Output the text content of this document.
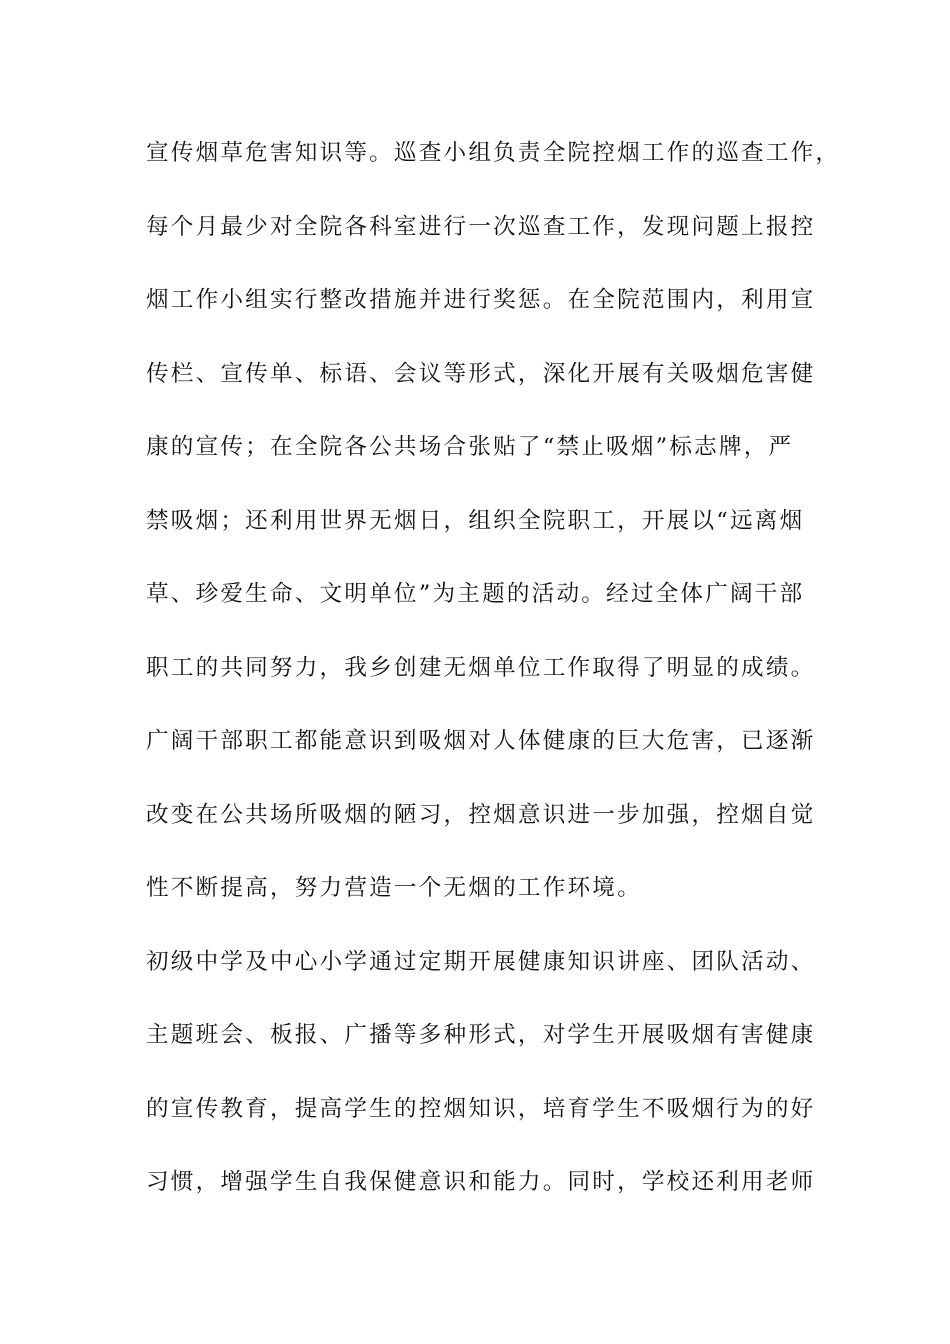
宣传烟草危害知识等。巡查小组负责全院控烟工作的巡查工作，
每个月最少对全院各科室进行一次巡查工作，发现问题上报控
烟工作小组实行整改措施并进行奖惩。在全院范围内，利用宣
传栏、宣传单、标语、会议等形式，深化开展有关吸烟危害健
康的宣传；在全院各公共场合张贴了“禁止吸烟”标志牌，严
禁吸烟；还利用世界无烟日，组织全院职工，开展以“远离烟
草、珍爱生命、文明单位”为主题的活动。经过全体广阔干部
职工的共同努力，我乡创建无烟单位工作取得了明显的成绩。
广阔干部职工都能意识到吸烟对人体健康的巨大危害，已逐渐
改变在公共场所吸烟的陋习，控烟意识进一步加强，控烟自觉
性不断提高，努力营造一个无烟的工作环境。
初级中学及中心小学通过定期开展健康知识讲座、团队活动、
主题班会、板报、广播等多种形式，对学生开展吸烟有害健康
的宣传教育，提高学生的控烟知识，培育学生不吸烟行为的好
习惯，增强学生自我保健意识和能力。同时，学校还利用老师
